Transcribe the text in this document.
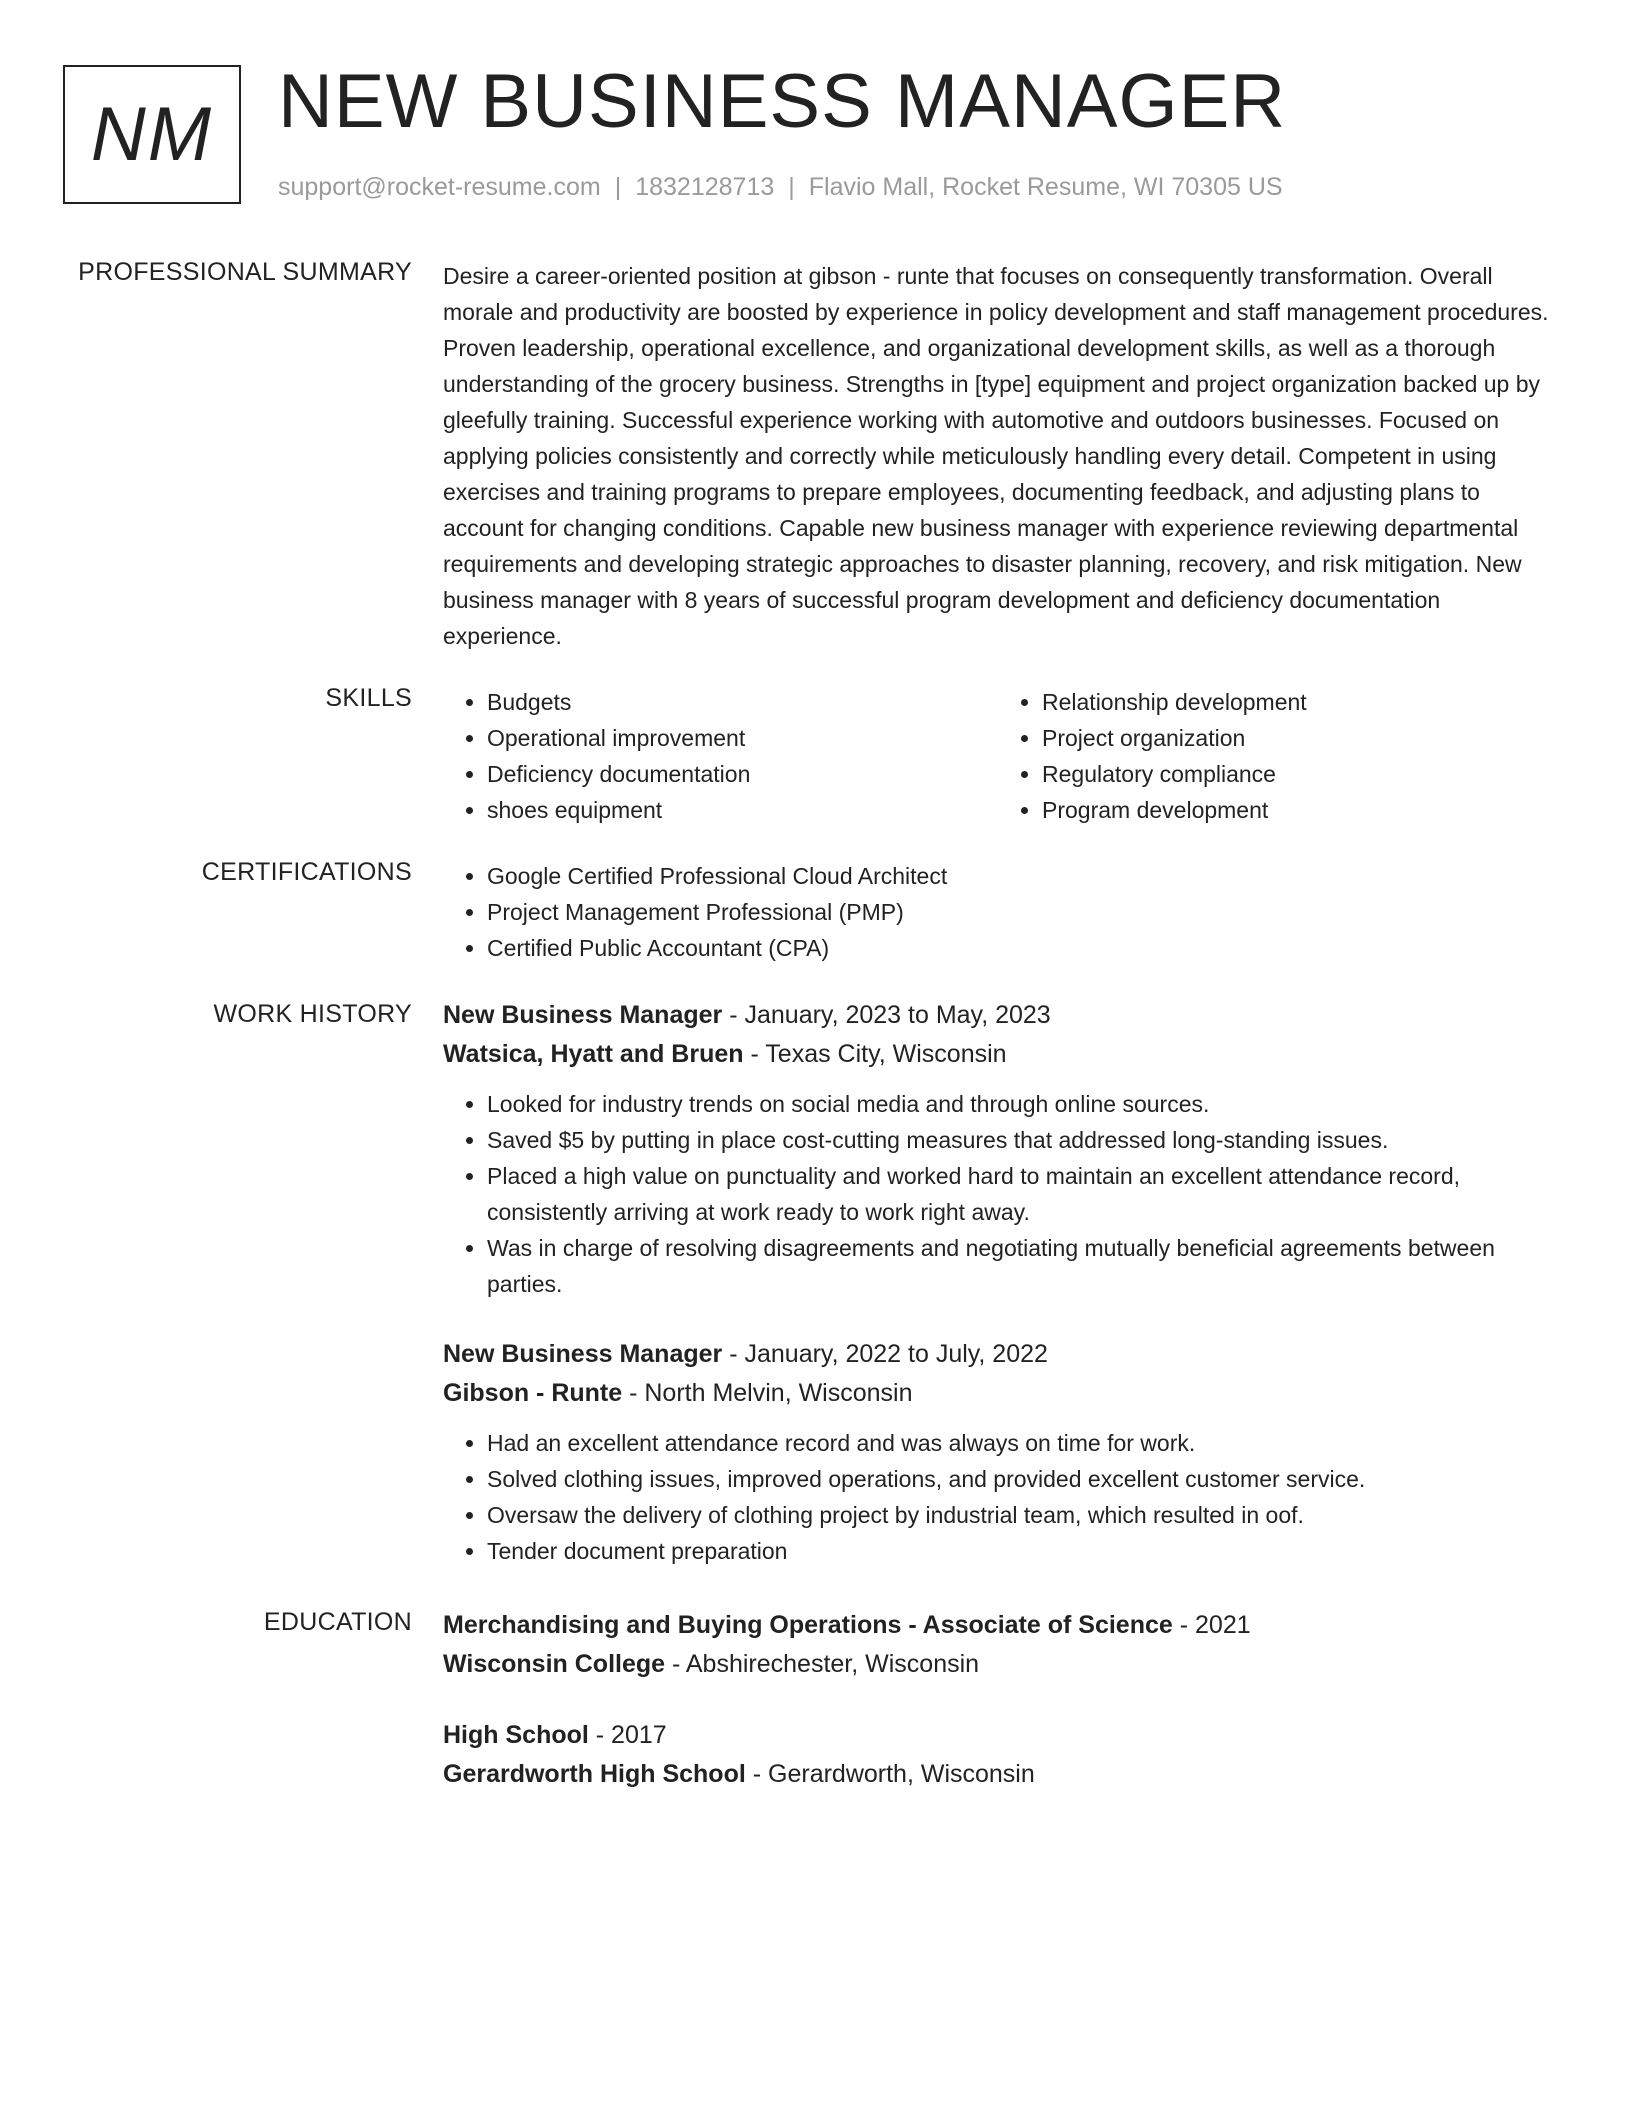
NM NEW BUSINESS MANAGER
support@rocket-resume.com | 1832128713 | Flavio Mall, Rocket Resume, WI 70305 US
PROFESSIONAL SUMMARY Desire a career-oriented position at gibson - runte that focuses on consequently transformation. Overall morale and productivity are boosted by experience in policy development and staff management procedures. Proven leadership, operational excellence, and organizational development skills, as well as a thorough understanding of the grocery business. Strengths in [type] equipment and project organization backed up by gleefully training. Successful experience working with automotive and outdoors businesses. Focused on applying policies consistently and correctly while meticulously handling every detail. Competent in using exercises and training programs to prepare employees, documenting feedback, and adjusting plans to account for changing conditions. Capable new business manager with experience reviewing departmental requirements and developing strategic approaches to disaster planning, recovery, and risk mitigation. New business manager with 8 years of successful program development and deficiency documentation experience.

SKILLS	• Budgets
• Operational improvement
• Deficiency documentation
• shoes equipment
• Relationship development
• Project organization
• Regulatory compliance
• Program development
CERTIFICATIONS	• Google Certified Professional Cloud Architect
• Project Management Professional (PMP)
• Certified Public Accountant (CPA)
WORK HISTORY New Business Manager - January, 2023 to May, 2023
Watsica, Hyatt and Bruen - Texas City, Wisconsin
• Looked for industry trends on social media and through online sources.
• Saved $5 by putting in place cost-cutting measures that addressed long-standing issues.
• Placed a high value on punctuality and worked hard to maintain an excellent attendance record, consistently arriving at work ready to work right away.
• Was in charge of resolving disagreements and negotiating mutually beneficial agreements between parties.
New Business Manager - January, 2022 to July, 2022
Gibson - Runte - North Melvin, Wisconsin
• Had an excellent attendance record and was always on time for work.
• Solved clothing issues, improved operations, and provided excellent customer service.
• Oversaw the delivery of clothing project by industrial team, which resulted in oof.
• Tender document preparation
EDUCATION Merchandising and Buying Operations - Associate of Science - 2021
Wisconsin College - Abshirechester, Wisconsin
High School - 2017
Gerardworth High School - Gerardworth, Wisconsin
